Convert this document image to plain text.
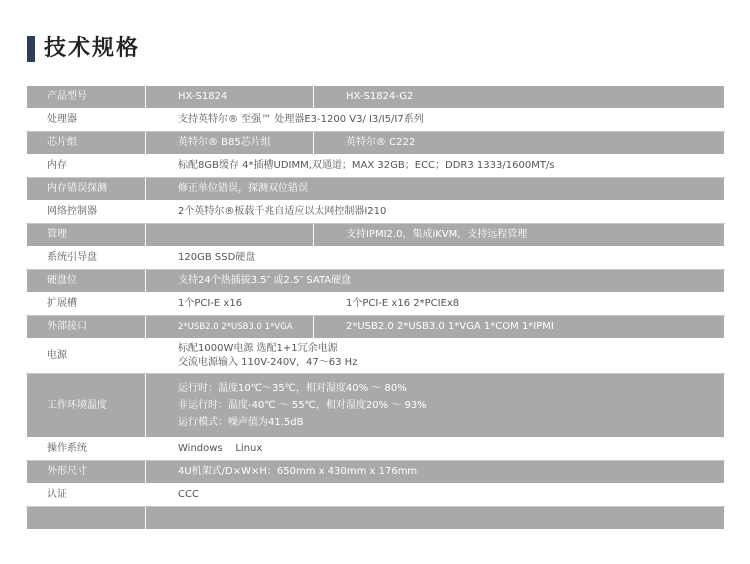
技术规格
产品型号	HX-S1824	HX-S1824-G2
处理器	支持英特尔® 至强™ 处理器E3-1200 V3/ I3/I5/I7系列	
芯片组	英特尔® B85芯片组	英特尔® C222
内存	标配8GB缓存 4*插槽UDIMM,双通道；MAX 32GB；ECC；DDR3 1333/1600MT/s	
内存错误探测	修正单位错误，探测双位错误	
网络控制器	2个英特尔®板载千兆自适应以太网控制器I210	
管理		支持IPMI2.0，集成iKVM，支持远程管理
系统引导盘	120GB SSD硬盘	
硬盘位	支持24个热插拔3.5″ 或2.5″ SATA硬盘	
扩展槽	1个PCI-E x16	1个PCI-E x16 2*PCIEx8
外部接口	2*USB2.0 2*USB3.0 1*VGA	2*USB2.0 2*USB3.0 1*VGA 1*COM 1*IPMI
电源	标配1000W电源 选配1+1冗余电源
交流电源输入 110V-240V，47～63 Hz	

工作环境温度	运行时：温度10℃～35℃，相对湿度40% ～ 80%
非运行时：温度-40℃ ～ 55℃，相对湿度20% ～ 93%
运行模式：噪声值为41.5dB	

操作系统	Windows    Linux	
外形尺寸	4U机架式/D×W×H：650mm x 430mm x 176mm	
认证	CCC	
